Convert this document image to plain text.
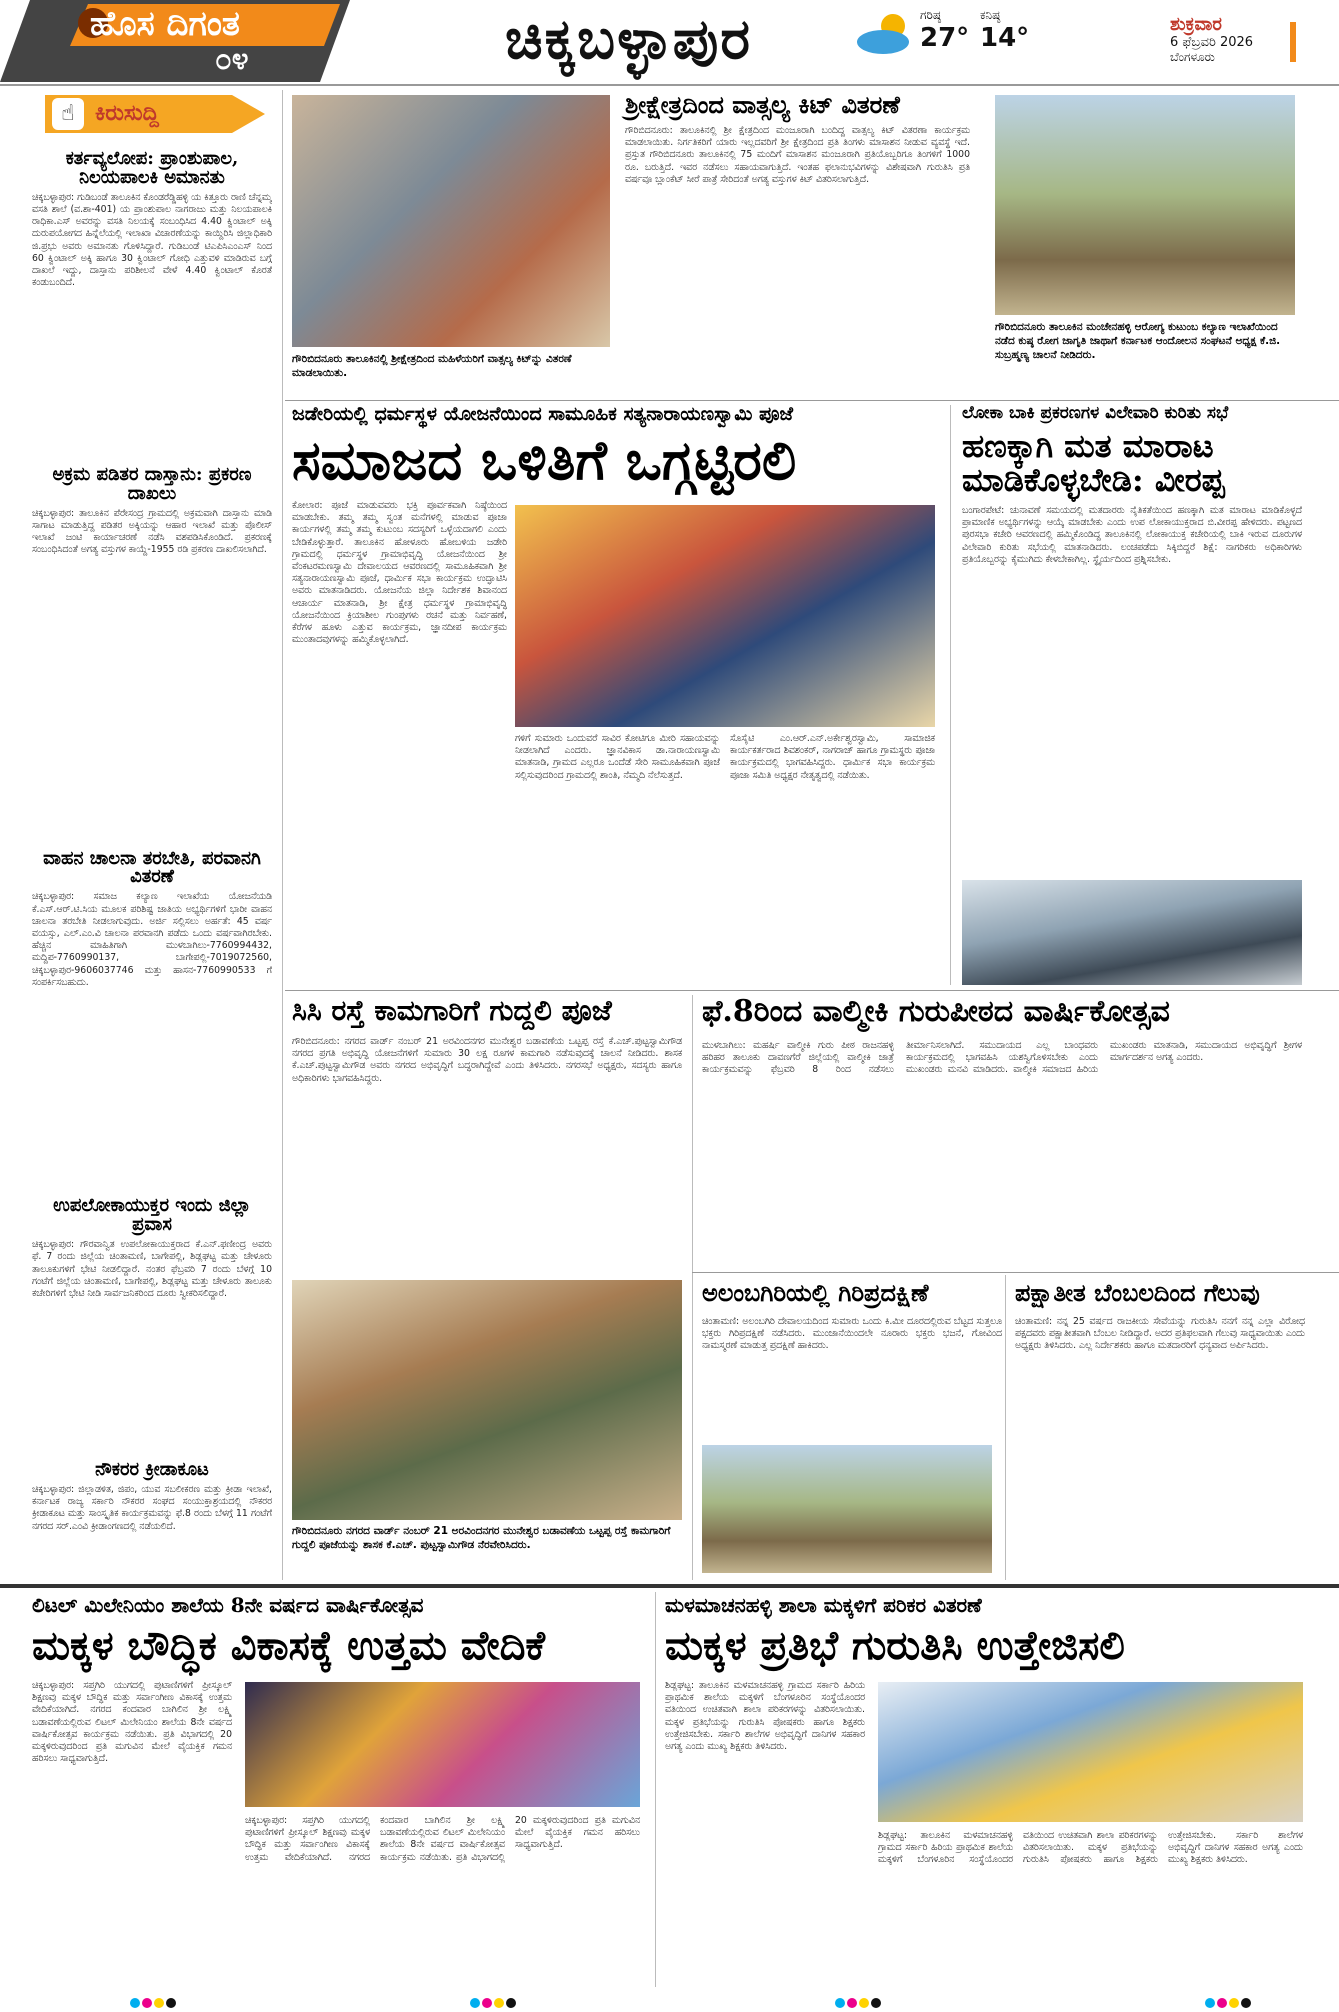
ಹೊಸ ದಿಗಂತ
೦೪	ಚಿಕ್ಕಬಳ್ಳಾಪುರ	ಗರಿಷ್ಠ
27°
ಕನಿಷ್ಠ
14°	ಶುಕ್ರವಾರ
6 ಫೆಬ್ರವರಿ 2026
ಬೆಂಗಳೂರು
☝ ಕಿರುಸುದ್ದಿ
ಕರ್ತವ್ಯಲೋಪ: ಪ್ರಾಂಶುಪಾಲ, ನಿಲಯಪಾಲಕಿ ಅಮಾನತು
ಚಿಕ್ಕಬಳ್ಳಾಪುರ: ಗುಡಿಬಂಡೆ ತಾಲೂಕಿನ ಕೊಂಡರೆಡ್ಡಿಹಳ್ಳಿ ಯ ಕಿತ್ತೂರು ರಾಣಿ ಚೆನ್ನಮ್ಮ ವಸತಿ ಶಾಲೆ (ವ.ಶಾ-401) ಯ ಪ್ರಾಂಶುಪಾಲ ನಾಗರಾಜು ಮತ್ತು ನಿಲಯಪಾಲಕಿ ರಾಧಿಕಾ.ಎಸ್ ಅವರನ್ನು ವಸತಿ ನಿಲಯಕ್ಕೆ ಸಂಬಂಧಿಸಿದ 4.40 ಕ್ವಿಂಟಾಲ್ ಅಕ್ಕಿ ದುರುಪಯೋಗದ ಹಿನ್ನೆಲೆಯಲ್ಲಿ ಇಲಾಖಾ ವಿಚಾರಣೆಯನ್ನು ಕಾಯ್ದಿರಿಸಿ ಜಿಲ್ಲಾಧಿಕಾರಿ ಜಿ.ಪ್ರಭು ಅವರು ಅಮಾನತು ಗೊಳಿಸಿದ್ದಾರೆ. ಗುಡಿಬಂಡೆ ಟಿಎಪಿಸಿಎಂಎಸ್ ನಿಂದ 60 ಕ್ವಿಂಟಾಲ್ ಅಕ್ಕಿ ಹಾಗೂ 30 ಕ್ವಿಂಟಾಲ್ ಗೋಧಿ ಎತ್ತುವಳಿ ಮಾಡಿರುವ ಬಗ್ಗೆ ದಾಖಲೆ ಇದ್ದು, ದಾಸ್ತಾನು ಪರಿಶೀಲನೆ ವೇಳೆ 4.40 ಕ್ವಿಂಟಾಲ್ ಕೊರತೆ ಕಂಡುಬಂದಿದೆ.
ಅಕ್ರಮ ಪಡಿತರ ದಾಸ್ತಾನು: ಪ್ರಕರಣ ದಾಖಲು
ಚಿಕ್ಕಬಳ್ಳಾಪುರ: ತಾಲೂಕಿನ ಪೆರೇಸಂದ್ರ ಗ್ರಾಮದಲ್ಲಿ ಅಕ್ರಮವಾಗಿ ದಾಸ್ತಾನು ಮಾಡಿ ಸಾಗಾಟ ಮಾಡುತ್ತಿದ್ದ ಪಡಿತರ ಅಕ್ಕಿಯನ್ನು ಆಹಾರ ಇಲಾಖೆ ಮತ್ತು ಪೊಲೀಸ್ ಇಲಾಖೆ ಜಂಟಿ ಕಾರ್ಯಾಚರಣೆ ನಡೆಸಿ ವಶಪಡಿಸಿಕೊಂಡಿದೆ. ಪ್ರಕರಣಕ್ಕೆ ಸಂಬಂಧಿಸಿದಂತೆ ಅಗತ್ಯ ವಸ್ತುಗಳ ಕಾಯ್ದೆ-1955 ರಡಿ ಪ್ರಕರಣ ದಾಖಲಿಸಲಾಗಿದೆ.
ವಾಹನ ಚಾಲನಾ ತರಬೇತಿ, ಪರವಾನಗಿ ವಿತರಣೆ
ಚಿಕ್ಕಬಳ್ಳಾಪುರ: ಸಮಾಜ ಕಲ್ಯಾಣ ಇಲಾಖೆಯ ಯೋಜನೆಯಡಿ ಕೆ.ಎಸ್.ಆರ್.ಟಿ.ಸಿಯ ಮೂಲಕ ಪರಿಶಿಷ್ಟ ಜಾತಿಯ ಅಭ್ಯರ್ಥಿಗಳಿಗೆ ಭಾರೀ ವಾಹನ ಚಾಲನಾ ತರಬೇತಿ ನೀಡಲಾಗುವುದು. ಅರ್ಜಿ ಸಲ್ಲಿಸಲು ಅರ್ಹತೆ: 45 ವರ್ಷ ವಯಸ್ಸು, ಎಲ್.ಎಂ.ವಿ ಚಾಲನಾ ಪರವಾನಗಿ ಪಡೆದು ಒಂದು ವರ್ಷವಾಗಿರಬೇಕು. ಹೆಚ್ಚಿನ ಮಾಹಿತಿಗಾಗಿ ಮುಳಬಾಗಿಲು-7760994432, ಮದ್ದಿಪ-7760990137, ಬಾಗೇಪಲ್ಲಿ-7019072560, ಚಿಕ್ಕಬಳ್ಳಾಪುರ-9606037746 ಮತ್ತು ಹಾಸನ-7760990533 ಗೆ ಸಂಪರ್ಕಿಸಬಹುದು.
ಉಪಲೋಕಾಯುಕ್ತರ ಇಂದು ಜಿಲ್ಲಾ ಪ್ರವಾಸ
ಚಿಕ್ಕಬಳ್ಳಾಪುರ: ಗೌರವಾನ್ವಿತ ಉಪಲೋಕಾಯುಕ್ತರಾದ ಕೆ.ಎನ್.ಫಣೀಂದ್ರ ಅವರು ಫೆ. 7 ರಂದು ಜಿಲ್ಲೆಯ ಚಿಂತಾಮಣಿ, ಬಾಗೇಪಲ್ಲಿ, ಶಿಡ್ಲಘಟ್ಟ ಮತ್ತು ಚೇಳೂರು ತಾಲೂಕುಗಳಿಗೆ ಭೇಟಿ ನೀಡಲಿದ್ದಾರೆ. ನಂತರ ಫೆಬ್ರವರಿ 7 ರಂದು ಬೆಳಗ್ಗೆ 10 ಗಂಟೆಗೆ ಜಿಲ್ಲೆಯ ಚಿಂತಾಮಣಿ, ಬಾಗೇಪಲ್ಲಿ, ಶಿಡ್ಲಘಟ್ಟ ಮತ್ತು ಚೇಳೂರು ತಾಲೂಕು ಕಚೇರಿಗಳಿಗೆ ಭೇಟಿ ನೀಡಿ ಸಾರ್ವಜನಿಕರಿಂದ ದೂರು ಸ್ವೀಕರಿಸಲಿದ್ದಾರೆ.
ನೌಕರರ ಕ್ರೀಡಾಕೂಟ
ಚಿಕ್ಕಬಳ್ಳಾಪುರ: ಜಿಲ್ಲಾಡಳಿತ, ಜಿಪಂ, ಯುವ ಸಬಲೀಕರಣ ಮತ್ತು ಕ್ರೀಡಾ ಇಲಾಖೆ, ಕರ್ನಾಟಕ ರಾಜ್ಯ ಸರ್ಕಾರಿ ನೌಕರರ ಸಂಘದ ಸಂಯುಕ್ತಾಶ್ರಯದಲ್ಲಿ ನೌಕರರ ಕ್ರೀಡಾಕೂಟ ಮತ್ತು ಸಾಂಸ್ಕೃತಿಕ ಕಾರ್ಯಕ್ರಮವನ್ನು ಫೆ.8 ರಂದು ಬೆಳಗ್ಗೆ 11 ಗಂಟೆಗೆ ನಗರದ ಸರ್.ಎಂವಿ ಕ್ರೀಡಾಂಗಣದಲ್ಲಿ ನಡೆಯಲಿದೆ.
ಗೌರಿಬಿದನೂರು ತಾಲೂಕಿನಲ್ಲಿ ಶ್ರೀಕ್ಷೇತ್ರದಿಂದ ಮಹಿಳೆಯರಿಗೆ ವಾತ್ಸಲ್ಯ ಕಿಟ್‌ನ್ನು ವಿತರಣೆ ಮಾಡಲಾಯಿತು.
ಶ್ರೀಕ್ಷೇತ್ರದಿಂದ ವಾತ್ಸಲ್ಯ ಕಿಟ್ ವಿತರಣೆ
ಗೌರಿಬಿದನೂರು: ತಾಲೂಕಿನಲ್ಲಿ ಶ್ರೀ ಕ್ಷೇತ್ರದಿಂದ ಮಂಜೂರಾಗಿ ಬಂದಿದ್ದ ವಾತ್ಸಲ್ಯ ಕಿಟ್ ವಿತರಣಾ ಕಾರ್ಯಕ್ರಮ ಮಾಡಲಾಯಿತು. ನಿರ್ಗತಿಕರಿಗೆ ಯಾರು ಇಲ್ಲದವರಿಗೆ ಶ್ರೀ ಕ್ಷೇತ್ರದಿಂದ ಪ್ರತಿ ತಿಂಗಳು ಮಾಸಾಶನ ನೀಡುವ ವ್ಯವಸ್ಥೆ ಇದೆ. ಪ್ರಸ್ತುತ ಗೌರಿಬಿದನೂರು ತಾಲೂಕಿನಲ್ಲಿ 75 ಮಂದಿಗೆ ಮಾಸಾಶನ ಮಂಜೂರಾಗಿ ಪ್ರತಿಯೊಬ್ಬರಿಗೂ ತಿಂಗಳಿಗೆ 1000 ರೂ. ಬರುತ್ತಿದೆ. ಇವರ ನಡೆಸಲು ಸಹಾಯವಾಗುತ್ತಿದೆ. ಇಂತಹ ಫಲಾನುಭವಿಗಳನ್ನು ವಿಶೇಷವಾಗಿ ಗುರುತಿಸಿ ಪ್ರತಿ ವರ್ಷವೂ ಬ್ಲಾಂಕೆಟ್ ಸೀರೆ ಪಾತ್ರೆ ಸೇರಿದಂತೆ ಅಗತ್ಯ ವಸ್ತುಗಳ ಕಿಟ್ ವಿತರಿಸಲಾಗುತ್ತಿದೆ.
ಗೌರಿಬಿದನೂರು ತಾಲೂಕಿನ ಮಂಚೇನಹಳ್ಳಿ ಆರೋಗ್ಯ ಕುಟುಂಬ ಕಲ್ಯಾಣ ಇಲಾಖೆಯಿಂದ ನಡೆದ ಕುಷ್ಠ ರೋಗ ಜಾಗೃತಿ ಜಾಥಾಗೆ ಕರ್ನಾಟಕ ಆಂದೋಲನ ಸಂಘಟನೆ ಅಧ್ಯಕ್ಷ ಕೆ.ಜಿ. ಸುಬ್ರಹ್ಮಣ್ಯ ಚಾಲನೆ ನೀಡಿದರು.
ಜಡೇರಿಯಲ್ಲಿ ಧರ್ಮಸ್ಥಳ ಯೋಜನೆಯಿಂದ ಸಾಮೂಹಿಕ ಸತ್ಯನಾರಾಯಣಸ್ವಾಮಿ ಪೂಜೆ
ಸಮಾಜದ ಒಳಿತಿಗೆ ಒಗ್ಗಟ್ಟಿರಲಿ
ಕೋಲಾರ: ಪೂಜೆ ಮಾಡುವವರು ಭಕ್ತಿ ಪೂರ್ವಕವಾಗಿ ನಿಷ್ಠೆಯಿಂದ ಮಾಡಬೇಕು. ತಮ್ಮ ತಮ್ಮ ಸ್ವಂತ ಮನೆಗಳಲ್ಲಿ ಮಾಡುವ ಪೂಜಾ ಕಾರ್ಯಗಳಲ್ಲಿ ತಮ್ಮ ತಮ್ಮ ಕುಟುಂಬ ಸದಸ್ಯರಿಗೆ ಒಳ್ಳೆಯದಾಗಲಿ ಎಂದು ಬೇಡಿಕೊಳ್ಳುತ್ತಾರೆ. ತಾಲೂಕಿನ ಹೋಳೂರು ಹೋಬಳಿಯ ಜಡೇರಿ ಗ್ರಾಮದಲ್ಲಿ ಧರ್ಮಸ್ಥಳ ಗ್ರಾಮಾಭಿವೃದ್ಧಿ ಯೋಜನೆಯಿಂದ ಶ್ರೀ ವೆಂಕಟರಮಣಸ್ವಾಮಿ ದೇವಾಲಯದ ಆವರಣದಲ್ಲಿ ಸಾಮೂಹಿಕವಾಗಿ ಶ್ರೀ ಸತ್ಯನಾರಾಯಣಸ್ವಾಮಿ ಪೂಜೆ, ಧಾರ್ಮಿಕ ಸಭಾ ಕಾರ್ಯಕ್ರಮ ಉದ್ಘಾಟಿಸಿ ಅವರು ಮಾತನಾಡಿದರು. ಯೋಜನೆಯ ಜಿಲ್ಲಾ ನಿರ್ದೇಶಕ ಶಿವಾನಂದ ಆಚಾರ್ಯ ಮಾತನಾಡಿ, ಶ್ರೀ ಕ್ಷೇತ್ರ ಧರ್ಮಸ್ಥಳ ಗ್ರಾಮಾಭಿವೃದ್ಧಿ ಯೋಜನೆಯಿಂದ ಕ್ರಿಯಾಶೀಲ ಗುಂಪುಗಳು ರಚನೆ ಮತ್ತು ನಿರ್ವಹಣೆ, ಕೆರೆಗಳ ಹೂಳು ಎತ್ತುವ ಕಾರ್ಯಕ್ರಮ, ಜ್ಞಾನದೀಪ ಕಾರ್ಯಕ್ರಮ ಮುಂತಾದವುಗಳನ್ನು ಹಮ್ಮಿಕೊಳ್ಳಲಾಗಿದೆ.
ಗಳಿಗೆ ಸುಮಾರು ಒಂದುವರೆ ಸಾವಿರ ಕೋಟಿಗೂ ಮೀರಿ ಸಹಾಯವನ್ನು ನೀಡಲಾಗಿದೆ ಎಂದರು. ಜ್ಞಾನವಿಕಾಸ ಡಾ.ನಾರಾಯಣಸ್ವಾಮಿ ಮಾತನಾಡಿ, ಗ್ರಾಮದ ಎಲ್ಲರೂ ಒಂದೆಡೆ ಸೇರಿ ಸಾಮೂಹಿಕವಾಗಿ ಪೂಜೆ ಸಲ್ಲಿಸುವುದರಿಂದ ಗ್ರಾಮದಲ್ಲಿ ಶಾಂತಿ, ನೆಮ್ಮದಿ ನೆಲೆಸುತ್ತದೆ.
ಸೊಸೈಟಿ ಎಂ.ಆರ್.ಎನ್.ಅರ್ಕೇಶ್ವರಸ್ವಾಮಿ, ಸಾಮಾಜಿಕ ಕಾರ್ಯಕರ್ತರಾದ ಶಿವಶಂಕರ್, ನಾಗರಾಜ್ ಹಾಗೂ ಗ್ರಾಮಸ್ಥರು ಪೂಜಾ ಕಾರ್ಯಕ್ರಮದಲ್ಲಿ ಭಾಗವಹಿಸಿದ್ದರು. ಧಾರ್ಮಿಕ ಸಭಾ ಕಾರ್ಯಕ್ರಮ ಪೂಜಾ ಸಮಿತಿ ಅಧ್ಯಕ್ಷರ ನೇತೃತ್ವದಲ್ಲಿ ನಡೆಯಿತು.
ಲೋಕಾ ಬಾಕಿ ಪ್ರಕರಣಗಳ ವಿಲೇವಾರಿ ಕುರಿತು ಸಭೆ
ಹಣಕ್ಕಾಗಿ ಮತ ಮಾರಾಟ ಮಾಡಿಕೊಳ್ಳಬೇಡಿ: ವೀರಪ್ಪ
ಬಂಗಾರಪೇಟೆ: ಚುನಾವಣೆ ಸಮಯದಲ್ಲಿ ಮತದಾರರು ನೈತಿಕತೆಯಿಂದ ಹಣಕ್ಕಾಗಿ ಮತ ಮಾರಾಟ ಮಾಡಿಕೊಳ್ಳದೆ ಪ್ರಾಮಾಣಿಕ ಅಭ್ಯರ್ಥಿಗಳನ್ನು ಆಯ್ಕೆ ಮಾಡಬೇಕು ಎಂದು ಉಪ ಲೋಕಾಯುಕ್ತರಾದ ಬಿ.ವೀರಪ್ಪ ಹೇಳಿದರು. ಪಟ್ಟಣದ ಪುರಸಭಾ ಕಚೇರಿ ಆವರಣದಲ್ಲಿ ಹಮ್ಮಿಕೊಂಡಿದ್ದ ತಾಲೂಕಿನಲ್ಲಿ ಲೋಕಾಯುಕ್ತ ಕಚೇರಿಯಲ್ಲಿ ಬಾಕಿ ಇರುವ ದೂರುಗಳ ವಿಲೇವಾರಿ ಕುರಿತು ಸಭೆಯಲ್ಲಿ ಮಾತನಾಡಿದರು. ಲಂಚಪಡೆದು ಸಿಕ್ಕಿಬಿದ್ದರೆ ಶಿಕ್ಷೆ: ನಾಗರಿಕರು ಅಧಿಕಾರಿಗಳು ಪ್ರತಿಯೊಬ್ಬರನ್ನು ಕೈಮುಗಿದು ಕೇಳಬೇಕಾಗಿಲ್ಲ. ಸ್ಥೈರ್ಯದಿಂದ ಪ್ರಶ್ನಿಸಬೇಕು.
ಸಿಸಿ ರಸ್ತೆ ಕಾಮಗಾರಿಗೆ ಗುದ್ದಲಿ ಪೂಜೆ
ಗೌರಿಬಿದನೂರು: ನಗರದ ವಾರ್ಡ್ ನಂಬರ್ 21 ಅರವಿಂದನಗರ ಮುನೇಶ್ವರ ಬಡಾವಣೆಯ ಒಟ್ಟಪ್ಪ ರಸ್ತೆ ಕೆ.ಎಚ್.ಪುಟ್ಟಸ್ವಾಮಿಗೌಡ ನಗರದ ಪ್ರಗತಿ ಅಭಿವೃದ್ಧಿ ಯೋಜನೆಗಳಿಗೆ ಸುಮಾರು 30 ಲಕ್ಷ ರೂಗಳ ಕಾಮಗಾರಿ ನಡೆಸುವುದಕ್ಕೆ ಚಾಲನೆ ನೀಡಿದರು. ಶಾಸಕ ಕೆ.ಎಚ್.ಪುಟ್ಟಸ್ವಾಮಿಗೌಡ ಅವರು ನಗರದ ಅಭಿವೃದ್ಧಿಗೆ ಬದ್ಧರಾಗಿದ್ದೇವೆ ಎಂದು ತಿಳಿಸಿದರು. ನಗರಸಭೆ ಅಧ್ಯಕ್ಷರು, ಸದಸ್ಯರು ಹಾಗೂ ಅಧಿಕಾರಿಗಳು ಭಾಗವಹಿಸಿದ್ದರು.
ಫೆ.8ರಿಂದ ವಾಲ್ಮೀಕಿ ಗುರುಪೀಠದ ವಾರ್ಷಿಕೋತ್ಸವ
ಮುಳಬಾಗಿಲು: ಮಹರ್ಷಿ ವಾಲ್ಮೀಕಿ ಗುರು ಪೀಠ ರಾಜನಹಳ್ಳಿ ಹರಿಹರ ತಾಲೂಕು ದಾವಣಗೆರೆ ಜಿಲ್ಲೆಯಲ್ಲಿ ವಾಲ್ಮೀಕಿ ಜಾತ್ರೆ ಕಾರ್ಯಕ್ರಮವನ್ನು ಫೆಬ್ರವರಿ 8 ರಿಂದ ನಡೆಸಲು ತೀರ್ಮಾನಿಸಲಾಗಿದೆ. ಸಮುದಾಯದ ಎಲ್ಲ ಬಾಂಧವರು ಕಾರ್ಯಕ್ರಮದಲ್ಲಿ ಭಾಗವಹಿಸಿ ಯಶಸ್ವಿಗೊಳಿಸಬೇಕು ಎಂದು ಮುಖಂಡರು ಮನವಿ ಮಾಡಿದರು. ವಾಲ್ಮೀಕಿ ಸಮಾಜದ ಹಿರಿಯ ಮುಖಂಡರು ಮಾತನಾಡಿ, ಸಮುದಾಯದ ಅಭಿವೃದ್ಧಿಗೆ ಶ್ರೀಗಳ ಮಾರ್ಗದರ್ಶನ ಅಗತ್ಯ ಎಂದರು.
ಗೌರಿಬಿದನೂರು ನಗರದ ವಾರ್ಡ್ ನಂಬರ್ 21 ಅರವಿಂದನಗರ ಮುನೇಶ್ವರ ಬಡಾವಣೆಯ ಒಟ್ಟಪ್ಪ ರಸ್ತೆ ಕಾಮಗಾರಿಗೆ ಗುದ್ದಲಿ ಪೂಜೆಯನ್ನು ಶಾಸಕ ಕೆ.ಎಚ್. ಪುಟ್ಟಸ್ವಾಮಿಗೌಡ ನೆರವೇರಿಸಿದರು.
ಅಲಂಬಗಿರಿಯಲ್ಲಿ ಗಿರಿಪ್ರದಕ್ಷಿಣೆ
ಚಿಂತಾಮಣಿ: ಅಲಂಬಗಿರಿ ದೇವಾಲಯದಿಂದ ಸುಮಾರು ಒಂದು ಕಿ.ಮೀ ದೂರದಲ್ಲಿರುವ ಬೆಟ್ಟದ ಸುತ್ತಲೂ ಭಕ್ತರು ಗಿರಿಪ್ರದಕ್ಷಿಣೆ ನಡೆಸಿದರು. ಮುಂಜಾನೆಯಿಂದಲೇ ನೂರಾರು ಭಕ್ತರು ಭಜನೆ, ಗೋವಿಂದ ನಾಮಸ್ಮರಣೆ ಮಾಡುತ್ತ ಪ್ರದಕ್ಷಿಣೆ ಹಾಕಿದರು.
ಪಕ್ಷಾತೀತ ಬೆಂಬಲದಿಂದ ಗೆಲುವು
ಚಿಂತಾಮಣಿ: ನನ್ನ 25 ವರ್ಷದ ರಾಜಕೀಯ ಸೇವೆಯನ್ನು ಗುರುತಿಸಿ ನನಗೆ ನನ್ನ ಎಲ್ಲಾ ವಿರೋಧ ಪಕ್ಷದವರು ಪಕ್ಷಾತೀತವಾಗಿ ಬೆಂಬಲ ನೀಡಿದ್ದಾರೆ. ಅದರ ಪ್ರತಿಫಲವಾಗಿ ಗೆಲುವು ಸಾಧ್ಯವಾಯಿತು ಎಂದು ಅಧ್ಯಕ್ಷರು ತಿಳಿಸಿದರು. ಎಲ್ಲ ನಿರ್ದೇಶಕರು ಹಾಗೂ ಮತದಾರರಿಗೆ ಧನ್ಯವಾದ ಅರ್ಪಿಸಿದರು.
ಲಿಟಲ್ ಮಿಲೇನಿಯಂ ಶಾಲೆಯ 8ನೇ ವರ್ಷದ ವಾರ್ಷಿಕೋತ್ಸವ
ಮಕ್ಕಳ ಬೌದ್ಧಿಕ ವಿಕಾಸಕ್ಕೆ ಉತ್ತಮ ವೇದಿಕೆ
ಚಿಕ್ಕಬಳ್ಳಾಪುರ: ಸಪ್ತಗಿರಿ ಯುಗದಲ್ಲಿ ಪುಟಾಣಿಗಳಿಗೆ ಪ್ರೀಸ್ಕೂಲ್ ಶಿಕ್ಷಣವು ಮಕ್ಕಳ ಬೌದ್ಧಿಕ ಮತ್ತು ಸರ್ವಾಂಗೀಣ ವಿಕಾಸಕ್ಕೆ ಉತ್ತಮ ವೇದಿಕೆಯಾಗಿದೆ. ನಗರದ ಕಂದವಾರ ಬಾಗಿಲಿನ ಶ್ರೀ ಲಕ್ಷ್ಮಿ ಬಡಾವಣೆಯಲ್ಲಿರುವ ಲಿಟಲ್ ಮಿಲೇನಿಯಂ ಶಾಲೆಯ 8ನೇ ವರ್ಷದ ವಾರ್ಷಿಕೋತ್ಸವ ಕಾರ್ಯಕ್ರಮ ನಡೆಯಿತು. ಪ್ರತಿ ವಿಭಾಗದಲ್ಲಿ 20 ಮಕ್ಕಳಿರುವುದರಿಂದ ಪ್ರತಿ ಮಗುವಿನ ಮೇಲೆ ವೈಯಕ್ತಿಕ ಗಮನ ಹರಿಸಲು ಸಾಧ್ಯವಾಗುತ್ತಿದೆ.
ಚಿಕ್ಕಬಳ್ಳಾಪುರ: ಸಪ್ತಗಿರಿ ಯುಗದಲ್ಲಿ ಪುಟಾಣಿಗಳಿಗೆ ಪ್ರೀಸ್ಕೂಲ್ ಶಿಕ್ಷಣವು ಮಕ್ಕಳ ಬೌದ್ಧಿಕ ಮತ್ತು ಸರ್ವಾಂಗೀಣ ವಿಕಾಸಕ್ಕೆ ಉತ್ತಮ ವೇದಿಕೆಯಾಗಿದೆ. ನಗರದ ಕಂದವಾರ ಬಾಗಿಲಿನ ಶ್ರೀ ಲಕ್ಷ್ಮಿ ಬಡಾವಣೆಯಲ್ಲಿರುವ ಲಿಟಲ್ ಮಿಲೇನಿಯಂ ಶಾಲೆಯ 8ನೇ ವರ್ಷದ ವಾರ್ಷಿಕೋತ್ಸವ ಕಾರ್ಯಕ್ರಮ ನಡೆಯಿತು. ಪ್ರತಿ ವಿಭಾಗದಲ್ಲಿ 20 ಮಕ್ಕಳಿರುವುದರಿಂದ ಪ್ರತಿ ಮಗುವಿನ ಮೇಲೆ ವೈಯಕ್ತಿಕ ಗಮನ ಹರಿಸಲು ಸಾಧ್ಯವಾಗುತ್ತಿದೆ.
ಮಳಮಾಚನಹಳ್ಳಿ ಶಾಲಾ ಮಕ್ಕಳಿಗೆ ಪರಿಕರ ವಿತರಣೆ
ಮಕ್ಕಳ ಪ್ರತಿಭೆ ಗುರುತಿಸಿ ಉತ್ತೇಜಿಸಲಿ
ಶಿಡ್ಲಘಟ್ಟ: ತಾಲೂಕಿನ ಮಳಮಾಚನಹಳ್ಳಿ ಗ್ರಾಮದ ಸರ್ಕಾರಿ ಹಿರಿಯ ಪ್ರಾಥಮಿಕ ಶಾಲೆಯ ಮಕ್ಕಳಿಗೆ ಬೆಂಗಳೂರಿನ ಸಂಸ್ಥೆಯೊಂದರ ವತಿಯಿಂದ ಉಚಿತವಾಗಿ ಶಾಲಾ ಪರಿಕರಗಳನ್ನು ವಿತರಿಸಲಾಯಿತು. ಮಕ್ಕಳ ಪ್ರತಿಭೆಯನ್ನು ಗುರುತಿಸಿ ಪೋಷಕರು ಹಾಗೂ ಶಿಕ್ಷಕರು ಉತ್ತೇಜಿಸಬೇಕು. ಸರ್ಕಾರಿ ಶಾಲೆಗಳ ಅಭಿವೃದ್ಧಿಗೆ ದಾನಿಗಳ ಸಹಕಾರ ಅಗತ್ಯ ಎಂದು ಮುಖ್ಯ ಶಿಕ್ಷಕರು ತಿಳಿಸಿದರು.
ಶಿಡ್ಲಘಟ್ಟ: ತಾಲೂಕಿನ ಮಳಮಾಚನಹಳ್ಳಿ ಗ್ರಾಮದ ಸರ್ಕಾರಿ ಹಿರಿಯ ಪ್ರಾಥಮಿಕ ಶಾಲೆಯ ಮಕ್ಕಳಿಗೆ ಬೆಂಗಳೂರಿನ ಸಂಸ್ಥೆಯೊಂದರ ವತಿಯಿಂದ ಉಚಿತವಾಗಿ ಶಾಲಾ ಪರಿಕರಗಳನ್ನು ವಿತರಿಸಲಾಯಿತು. ಮಕ್ಕಳ ಪ್ರತಿಭೆಯನ್ನು ಗುರುತಿಸಿ ಪೋಷಕರು ಹಾಗೂ ಶಿಕ್ಷಕರು ಉತ್ತೇಜಿಸಬೇಕು. ಸರ್ಕಾರಿ ಶಾಲೆಗಳ ಅಭಿವೃದ್ಧಿಗೆ ದಾನಿಗಳ ಸಹಕಾರ ಅಗತ್ಯ ಎಂದು ಮುಖ್ಯ ಶಿಕ್ಷಕರು ತಿಳಿಸಿದರು.
